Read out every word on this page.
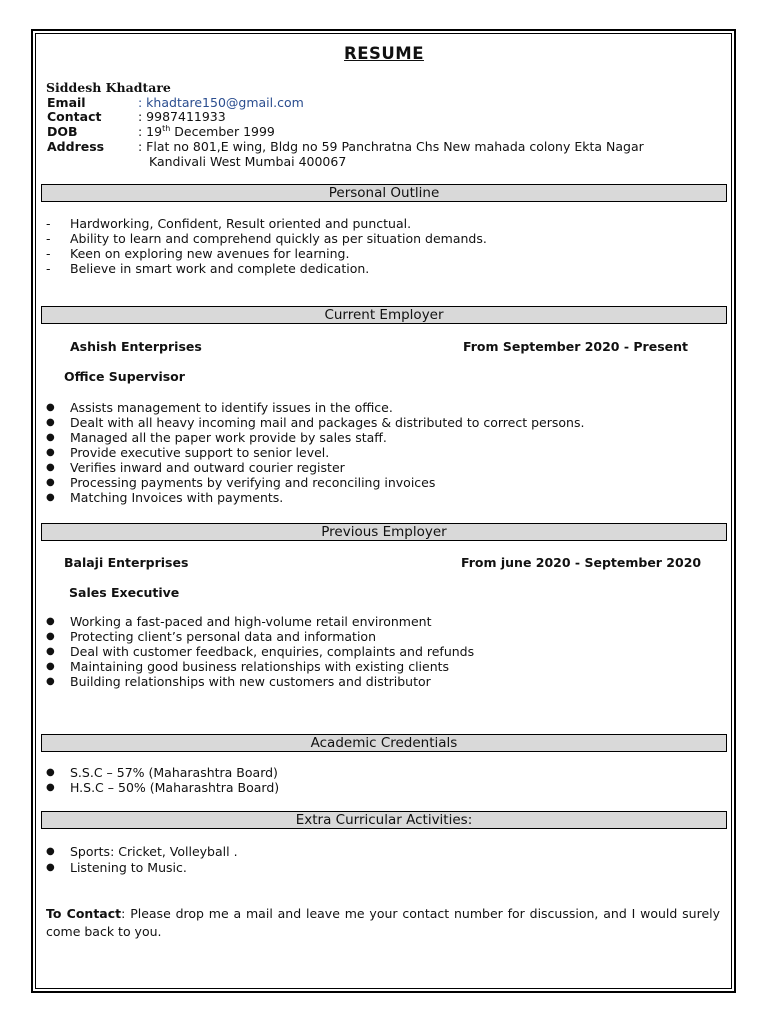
RESUME
Siddesh Khadtare
Email	: khadtare150@gmail.com
Contact	: 9987411933
DOB	: 19th December 1999
Address	: Flat no 801,E wing, Bldg no 59 Panchratna Chs New mahada colony Ekta Nagar
Kandivali West Mumbai 400067
Personal Outline
- Hardworking, Confident, Result oriented and punctual.
- Ability to learn and comprehend quickly as per situation demands.
- Keen on exploring new avenues for learning.
- Believe in smart work and complete dedication.
Current Employer
Ashish Enterprises	From September 2020 - Present
Office Supervisor
● Assists management to identify issues in the office.
● Dealt with all heavy incoming mail and packages & distributed to correct persons.
● Managed all the paper work provide by sales staff.
● Provide executive support to senior level.
● Verifies inward and outward courier register
● Processing payments by verifying and reconciling invoices
● Matching Invoices with payments.
Previous Employer
Balaji Enterprises	From june 2020 - September 2020
Sales Executive
● Working a fast-paced and high-volume retail environment
● Protecting client’s personal data and information
● Deal with customer feedback, enquiries, complaints and refunds
● Maintaining good business relationships with existing clients
● Building relationships with new customers and distributor
Academic Credentials
● S.S.C – 57% (Maharashtra Board)
● H.S.C – 50% (Maharashtra Board)
Extra Curricular Activities:
● Sports: Cricket, Volleyball .
● Listening to Music.
To Contact: Please drop me a mail and leave me your contact number for discussion, and I would surely come back to you.
